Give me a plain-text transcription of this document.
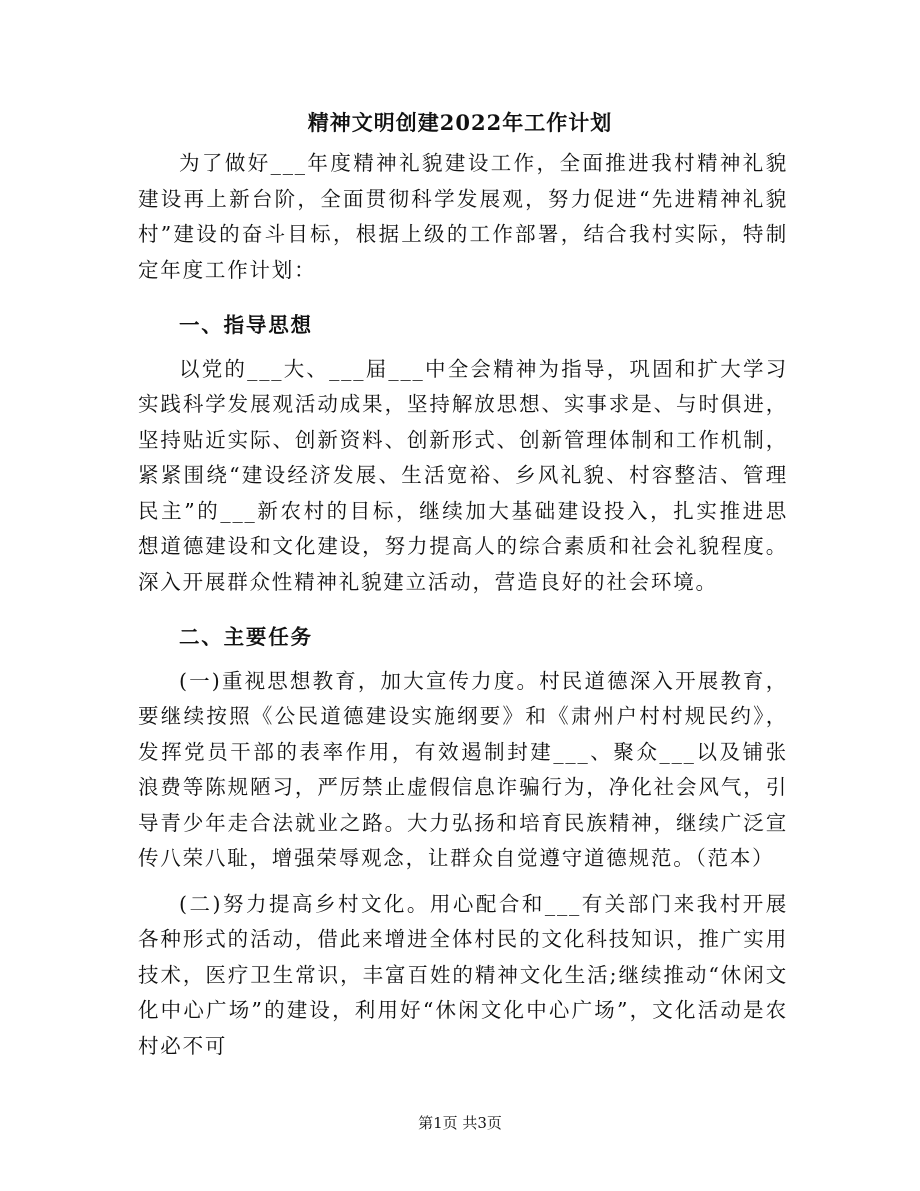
精神文明创建2022年工作计划

为了做好___年度精神礼貌建设工作，全面推进我村精神礼貌建设再上新台阶，全面贯彻科学发展观，努力促进“先进精神礼貌村”建设的奋斗目标，根据上级的工作部署，结合我村实际，特制定年度工作计划：

一、指导思想

以党的___大、___届___中全会精神为指导，巩固和扩大学习实践科学发展观活动成果，坚持解放思想、实事求是、与时俱进，坚持贴近实际、创新资料、创新形式、创新管理体制和工作机制，紧紧围绕“建设经济发展、生活宽裕、乡风礼貌、村容整洁、管理民主”的___新农村的目标，继续加大基础建设投入，扎实推进思想道德建设和文化建设，努力提高人的综合素质和社会礼貌程度。深入开展群众性精神礼貌建立活动，营造良好的社会环境。

二、主要任务

(一)重视思想教育，加大宣传力度。村民道德深入开展教育，要继续按照《公民道德建设实施纲要》和《肃州户村村规民约》，发挥党员干部的表率作用，有效遏制封建___、聚众___以及铺张浪费等陈规陋习，严厉禁止虚假信息诈骗行为，净化社会风气，引导青少年走合法就业之路。大力弘扬和培育民族精神，继续广泛宣传八荣八耻，增强荣辱观念，让群众自觉遵守道德规范。（范本）

(二)努力提高乡村文化。用心配合和___有关部门来我村开展各种形式的活动，借此来增进全体村民的文化科技知识，推广实用技术，医疗卫生常识，丰富百姓的精神文化生活;继续推动“休闲文化中心广场”的建设，利用好“休闲文化中心广场”，文化活动是农村必不可

第1页 共3页
